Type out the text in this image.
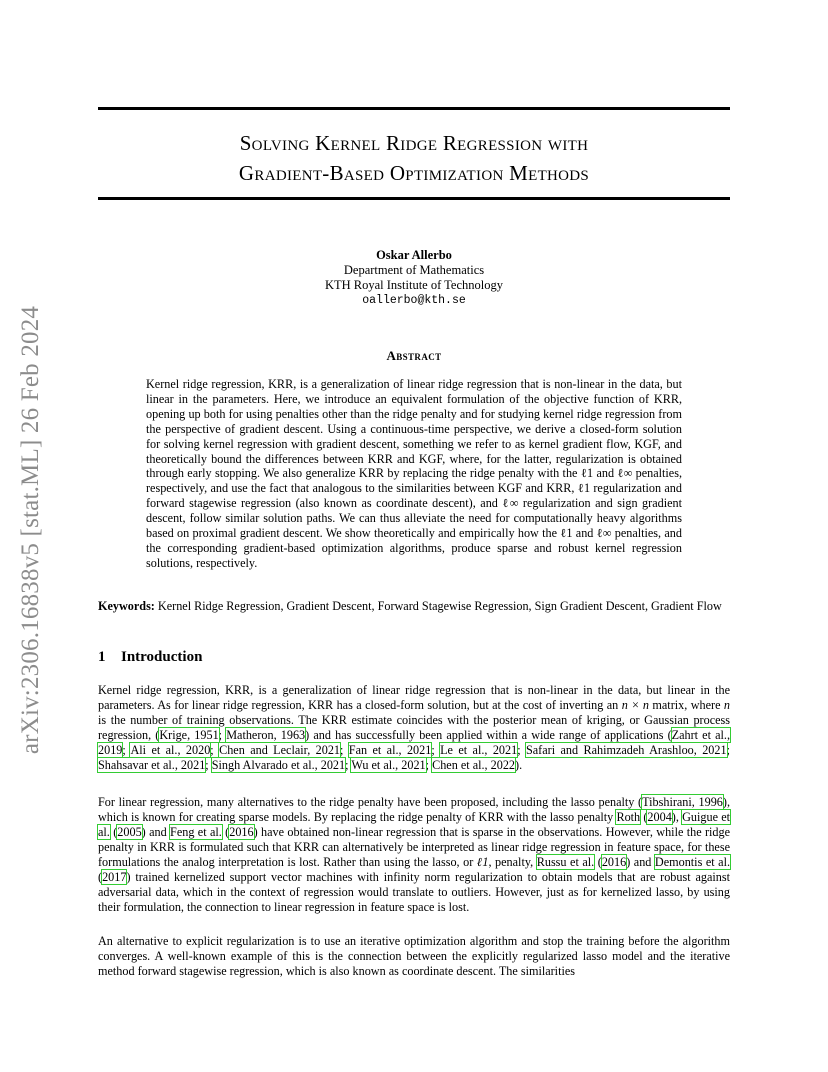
arXiv:2306.16838v5 [stat.ML] 26 Feb 2024
Solving Kernel Ridge Regression with
Gradient-Based Optimization Methods
Oskar Allerbo
Department of Mathematics
KTH Royal Institute of Technology
oallerbo@kth.se
Abstract
Kernel ridge regression, KRR, is a generalization of linear ridge regression that is non-linear in the data, but linear in the parameters. Here, we introduce an equivalent formulation of the objective function of KRR, opening up both for using penalties other than the ridge penalty and for studying kernel ridge regression from the perspective of gradient descent. Using a continuous-time perspective, we derive a closed-form solution for solving kernel regression with gradient descent, something we refer to as kernel gradient flow, KGF, and theoretically bound the differences between KRR and KGF, where, for the latter, regularization is obtained through early stopping. We also generalize KRR by replacing the ridge penalty with the ℓ1 and ℓ∞ penalties, respectively, and use the fact that analogous to the similarities between KGF and KRR, ℓ1 regularization and forward stagewise regression (also known as coordinate descent), and ℓ∞ regularization and sign gradient descent, follow similar solution paths. We can thus alleviate the need for computationally heavy algorithms based on proximal gradient descent. We show theoretically and empirically how the ℓ1 and ℓ∞ penalties, and the corresponding gradient-based optimization algorithms, produce sparse and robust kernel regression solutions, respectively.
Keywords: Kernel Ridge Regression, Gradient Descent, Forward Stagewise Regression, Sign Gradient Descent, Gradient Flow
1 Introduction
Kernel ridge regression, KRR, is a generalization of linear ridge regression that is non-linear in the data, but linear in the parameters. As for linear ridge regression, KRR has a closed-form solution, but at the cost of inverting an n × n matrix, where n is the number of training observations. The KRR estimate coincides with the posterior mean of kriging, or Gaussian process regression, (Krige, 1951; Matheron, 1963) and has successfully been applied within a wide range of applications (Zahrt et al., 2019; Ali et al., 2020; Chen and Leclair, 2021; Fan et al., 2021; Le et al., 2021; Safari and Rahimzadeh Arashloo, 2021; Shahsavar et al., 2021; Singh Alvarado et al., 2021; Wu et al., 2021; Chen et al., 2022).
For linear regression, many alternatives to the ridge penalty have been proposed, including the lasso penalty (Tibshirani, 1996), which is known for creating sparse models. By replacing the ridge penalty of KRR with the lasso penalty Roth (2004), Guigue et al. (2005) and Feng et al. (2016) have obtained non-linear regression that is sparse in the observations. However, while the ridge penalty in KRR is formulated such that KRR can alternatively be interpreted as linear ridge regression in feature space, for these formulations the analog interpretation is lost. Rather than using the lasso, or ℓ1, penalty, Russu et al. (2016) and Demontis et al. (2017) trained kernelized support vector machines with infinity norm regularization to obtain models that are robust against adversarial data, which in the context of regression would translate to outliers. However, just as for kernelized lasso, by using their formulation, the connection to linear regression in feature space is lost.
An alternative to explicit regularization is to use an iterative optimization algorithm and stop the training before the algorithm converges. A well-known example of this is the connection between the explicitly regularized lasso model and the iterative method forward stagewise regression, which is also known as coordinate descent. The similarities
